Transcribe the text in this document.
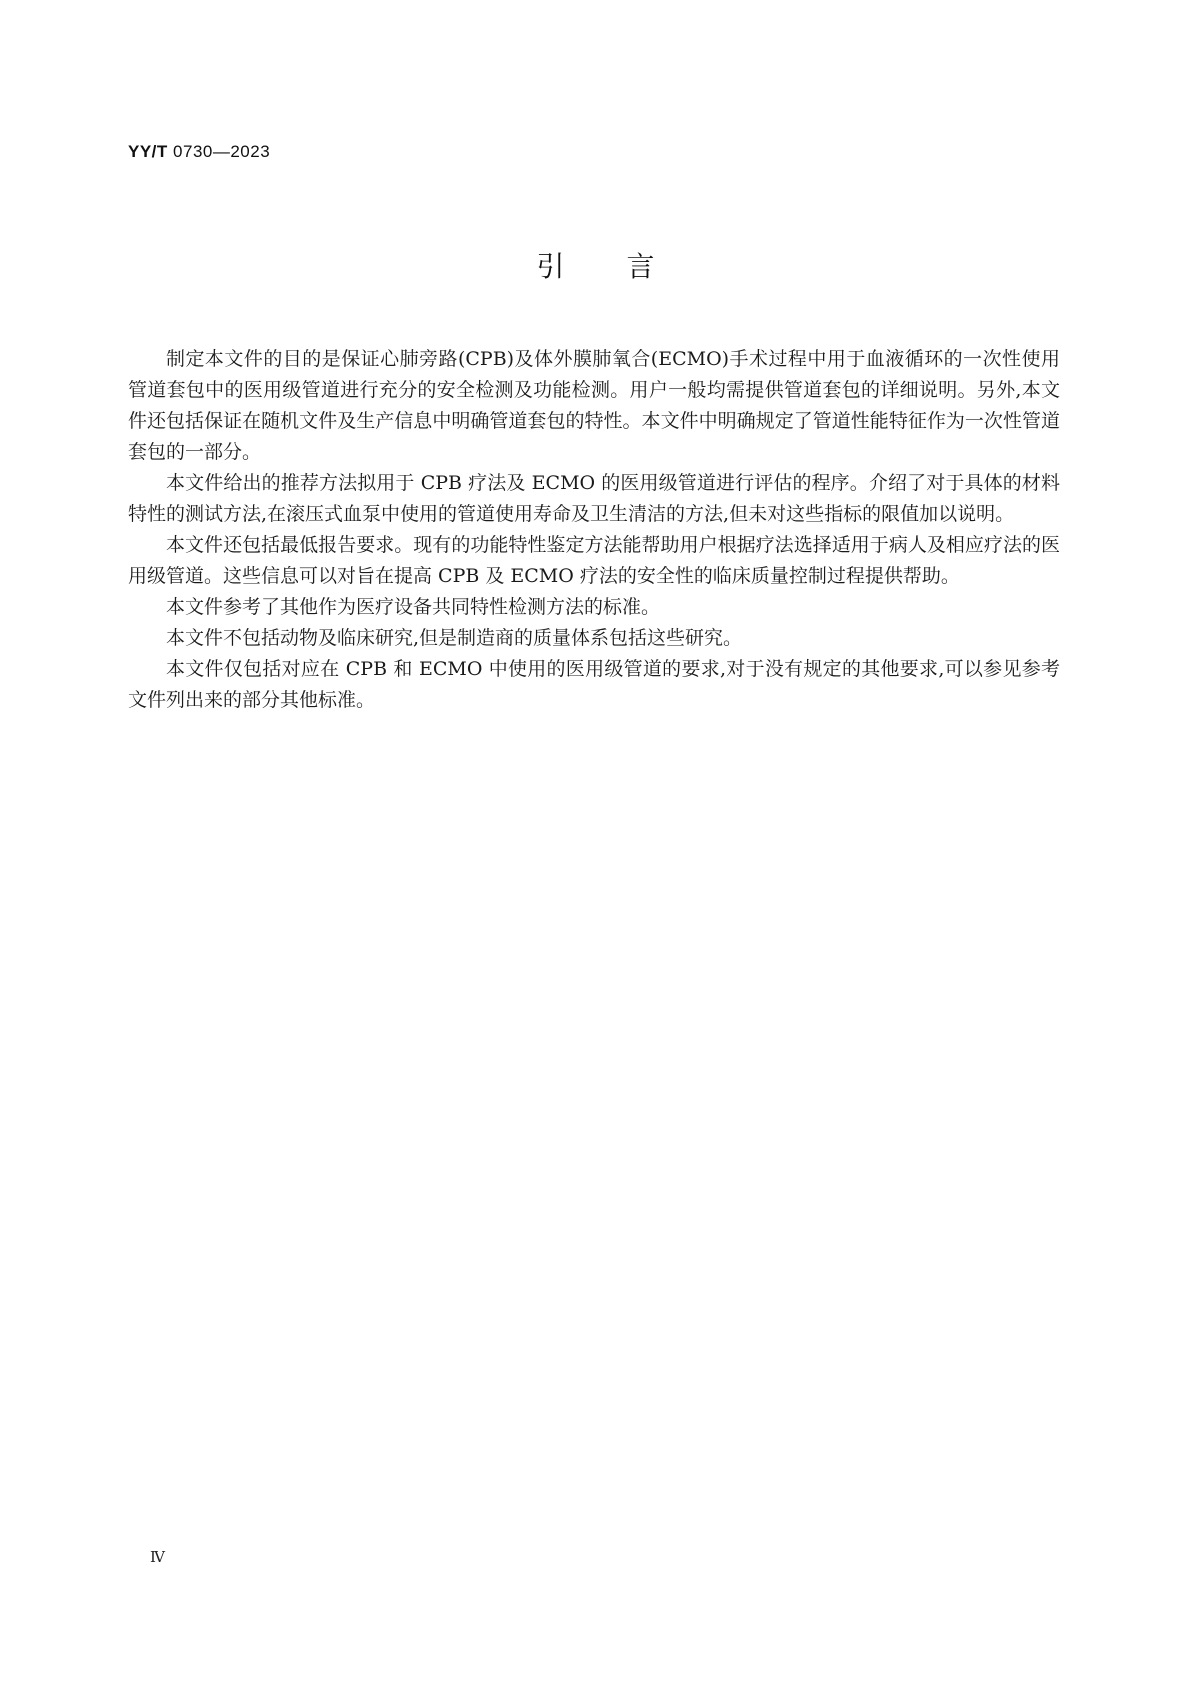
YY/T 0730—2023
引言

制定本文件的目的是保证心肺旁路(CPB)及体外膜肺氧合(ECMO)手术过程中用于血液循环的一次性使用管道套包中的医用级管道进行充分的安全检测及功能检测。用户一般均需提供管道套包的详细说明。另外,本文件还包括保证在随机文件及生产信息中明确管道套包的特性。本文件中明确规定了管道性能特征作为一次性管道套包的一部分。

本文件给出的推荐方法拟用于 CPB 疗法及 ECMO 的医用级管道进行评估的程序。介绍了对于具体的材料特性的测试方法,在滚压式血泵中使用的管道使用寿命及卫生清洁的方法,但未对这些指标的限值加以说明。

本文件还包括最低报告要求。现有的功能特性鉴定方法能帮助用户根据疗法选择适用于病人及相应疗法的医用级管道。这些信息可以对旨在提高 CPB 及 ECMO 疗法的安全性的临床质量控制过程提供帮助。

本文件参考了其他作为医疗设备共同特性检测方法的标准。

本文件不包括动物及临床研究,但是制造商的质量体系包括这些研究。

本文件仅包括对应在 CPB 和 ECMO 中使用的医用级管道的要求,对于没有规定的其他要求,可以参见参考文件列出来的部分其他标准。

Ⅳ
